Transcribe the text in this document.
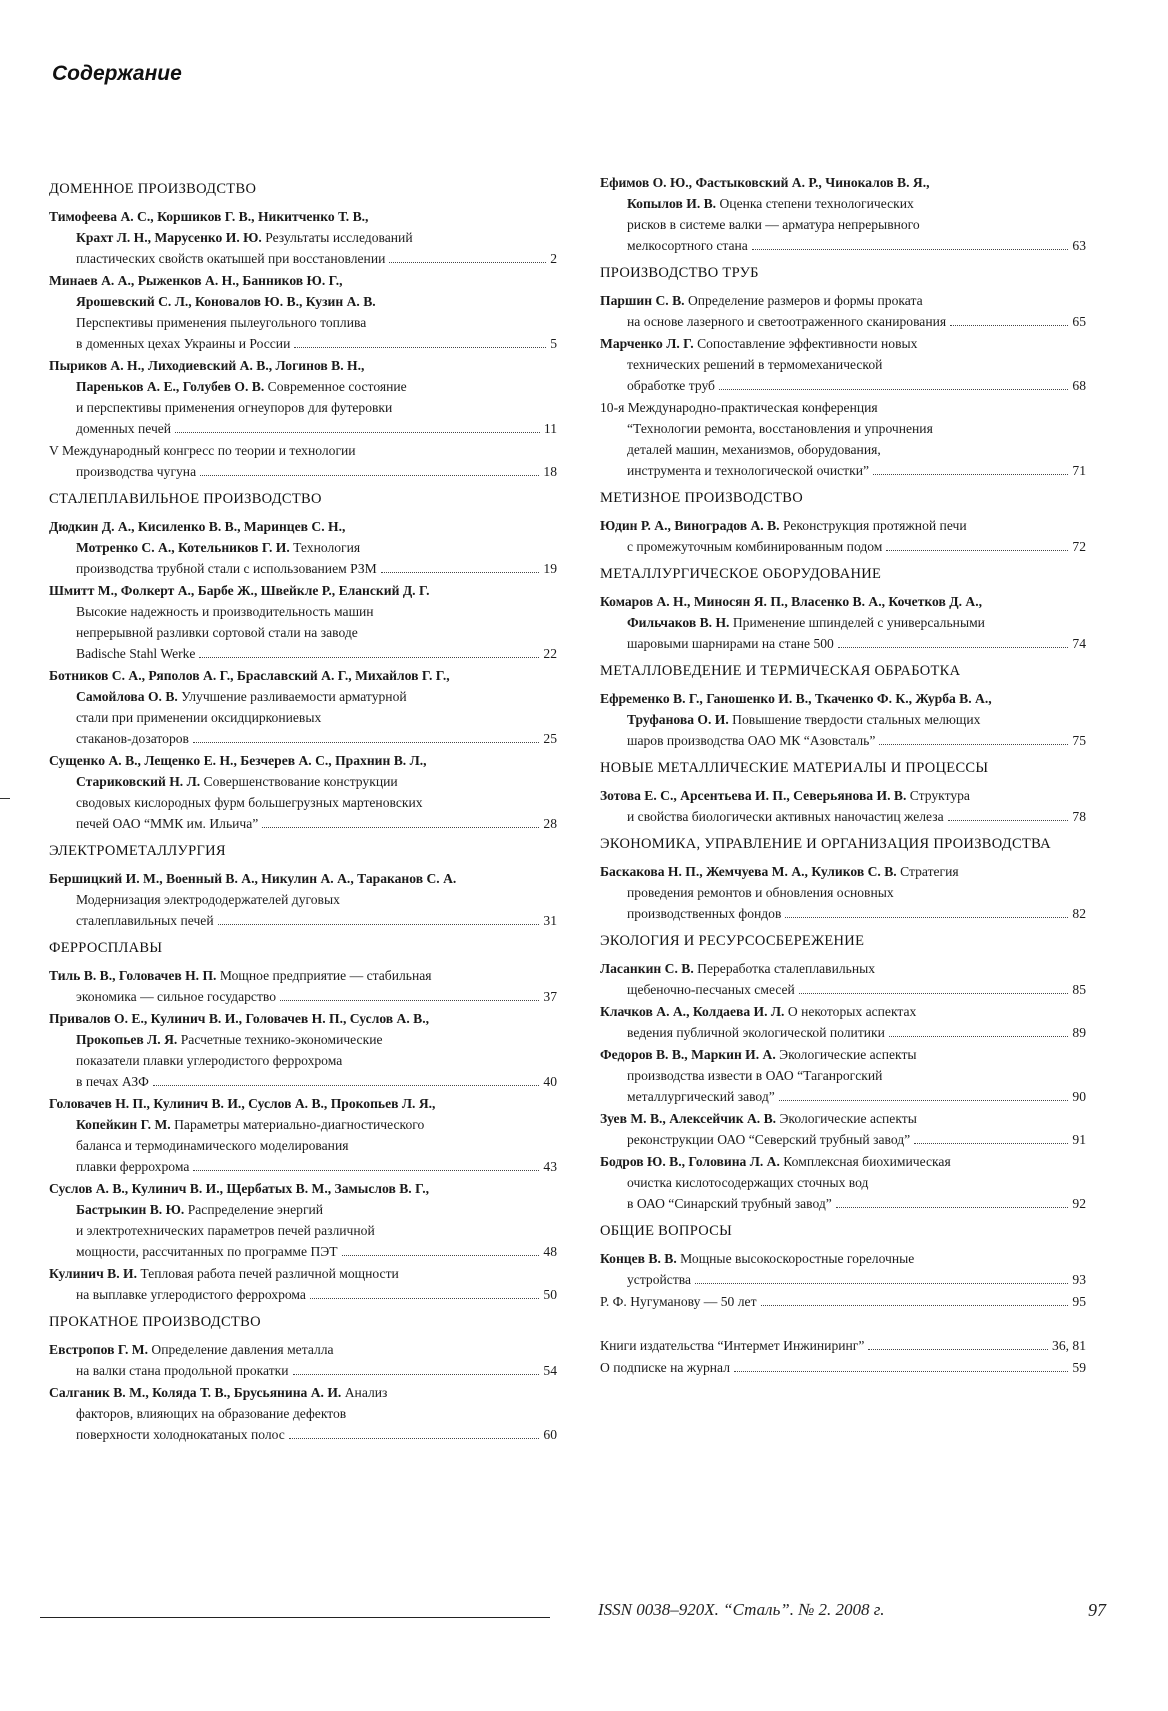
Содержание
ДОМЕННОЕ ПРОИЗВОДСТВО
Тимофеева А. С., Коршиков Г. В., Никитченко Т. В.,
Крахт Л. Н., Марусенко И. Ю. Результаты исследований
пластических свойств окатышей при восстановлении	2
Минаев А. А., Рыженков А. Н., Банников Ю. Г.,
Ярошевский С. Л., Коновалов Ю. В., Кузин А. В.
Перспективы применения пылеугольного топлива
в доменных цехах Украины и России	5
Пыриков А. Н., Лиходиевский А. В., Логинов В. Н.,
Пареньков А. Е., Голубев О. В. Современное состояние
и перспективы применения огнеупоров для футеровки
доменных печей	11
V Международный конгресс по теории и технологии
производства чугуна	18
СТАЛЕПЛАВИЛЬНОЕ ПРОИЗВОДСТВО
Дюдкин Д. А., Кисиленко В. В., Маринцев С. Н.,
Мотренко С. А., Котельников Г. И. Технология
производства трубной стали с использованием РЗМ	19
Шмитт М., Фолкерт А., Барбе Ж., Швейкле Р., Еланский Д. Г.
Высокие надежность и производительность машин
непрерывной разливки сортовой стали на заводе
Badische Stahl Werke	22
Ботников С. А., Ряполов А. Г., Браславский А. Г., Михайлов Г. Г.,
Самойлова О. В. Улучшение разливаемости арматурной
стали при применении оксидциркониевых
стаканов-дозаторов	25
Сущенко А. В., Лещенко Е. Н., Безчерев А. С., Прахнин В. Л.,
Стариковский Н. Л. Совершенствование конструкции
сводовых кислородных фурм большегрузных мартеновских
печей ОАО “ММК им. Ильича”	28
ЭЛЕКТРОМЕТАЛЛУРГИЯ
Бершицкий И. М., Военный В. А., Никулин А. А., Тараканов С. А.
Модернизация электрододержателей дуговых
сталеплавильных печей	31
ФЕРРОСПЛАВЫ
Тиль В. В., Головачев Н. П. Мощное предприятие — стабильная
экономика — сильное государство	37
Привалов О. Е., Кулинич В. И., Головачев Н. П., Суслов А. В.,
Прокопьев Л. Я. Расчетные технико-экономические
показатели плавки углеродистого феррохрома
в печах АЗФ	40
Головачев Н. П., Кулинич В. И., Суслов А. В., Прокопьев Л. Я.,
Копейкин Г. М. Параметры материально-диагностического
баланса и термодинамического моделирования
плавки феррохрома	43
Суслов А. В., Кулинич В. И., Щербатых В. М., Замыслов В. Г.,
Бастрыкин В. Ю. Распределение энергий
и электротехнических параметров печей различной
мощности, рассчитанных по программе ПЭТ	48
Кулинич В. И. Тепловая работа печей различной мощности
на выплавке углеродистого феррохрома	50
ПРОКАТНОЕ ПРОИЗВОДСТВО
Евстропов Г. М. Определение давления металла
на валки стана продольной прокатки	54
Салганик В. М., Коляда Т. В., Брусьянина А. И. Анализ
факторов, влияющих на образование дефектов
поверхности холоднокатаных полос	60
Ефимов О. Ю., Фастыковский А. Р., Чинокалов В. Я.,
Копылов И. В. Оценка степени технологических
рисков в системе валки — арматура непрерывного
мелкосортного стана	63
ПРОИЗВОДСТВО ТРУБ
Паршин С. В. Определение размеров и формы проката
на основе лазерного и светоотраженного сканирования	65
Марченко Л. Г. Сопоставление эффективности новых
технических решений в термомеханической
обработке труб	68
10-я Международно-практическая конференция
“Технологии ремонта, восстановления и упрочнения
деталей машин, механизмов, оборудования,
инструмента и технологической очистки”	71
МЕТИЗНОЕ ПРОИЗВОДСТВО
Юдин Р. А., Виноградов А. В. Реконструкция протяжной печи
с промежуточным комбинированным подом	72
МЕТАЛЛУРГИЧЕСКОЕ ОБОРУДОВАНИЕ
Комаров А. Н., Миносян Я. П., Власенко В. А., Кочетков Д. А.,
Фильчаков В. Н. Применение шпинделей с универсальными
шаровыми шарнирами на стане 500	74
МЕТАЛЛОВЕДЕНИЕ И ТЕРМИЧЕСКАЯ ОБРАБОТКА
Ефременко В. Г., Ганошенко И. В., Ткаченко Ф. К., Журба В. А.,
Труфанова О. И. Повышение твердости стальных мелющих
шаров производства ОАО МК “Азовсталь”	75
НОВЫЕ МЕТАЛЛИЧЕСКИЕ МАТЕРИАЛЫ И ПРОЦЕССЫ
Зотова Е. С., Арсентьева И. П., Северьянова И. В. Структура
и свойства биологически активных наночастиц железа	78
ЭКОНОМИКА, УПРАВЛЕНИЕ И ОРГАНИЗАЦИЯ ПРОИЗВОДСТВА
Баскакова Н. П., Жемчуева М. А., Куликов С. В. Стратегия
проведения ремонтов и обновления основных
производственных фондов	82
ЭКОЛОГИЯ И РЕСУРСОСБЕРЕЖЕНИЕ
Ласанкин С. В. Переработка сталеплавильных
щебеночно-песчаных смесей	85
Клачков А. А., Колдаева И. Л. О некоторых аспектах
ведения публичной экологической политики	89
Федоров В. В., Маркин И. А. Экологические аспекты
производства извести в ОАО “Таганрогский
металлургический завод”	90
Зуев М. В., Алексейчик А. В. Экологические аспекты
реконструкции ОАО “Северский трубный завод”	91
Бодров Ю. В., Головина Л. А. Комплексная биохимическая
очистка кислотосодержащих сточных вод
в ОАО “Синарский трубный завод”	92
ОБЩИЕ ВОПРОСЫ
Концев В. В. Мощные высокоскоростные горелочные
устройства	93
Р. Ф. Нугуманову — 50 лет	95
Книги издательства “Интермет Инжиниринг”	36, 81
О подписке на журнал	59
ISSN 0038–920X. “Сталь”. № 2. 2008 г.	97
